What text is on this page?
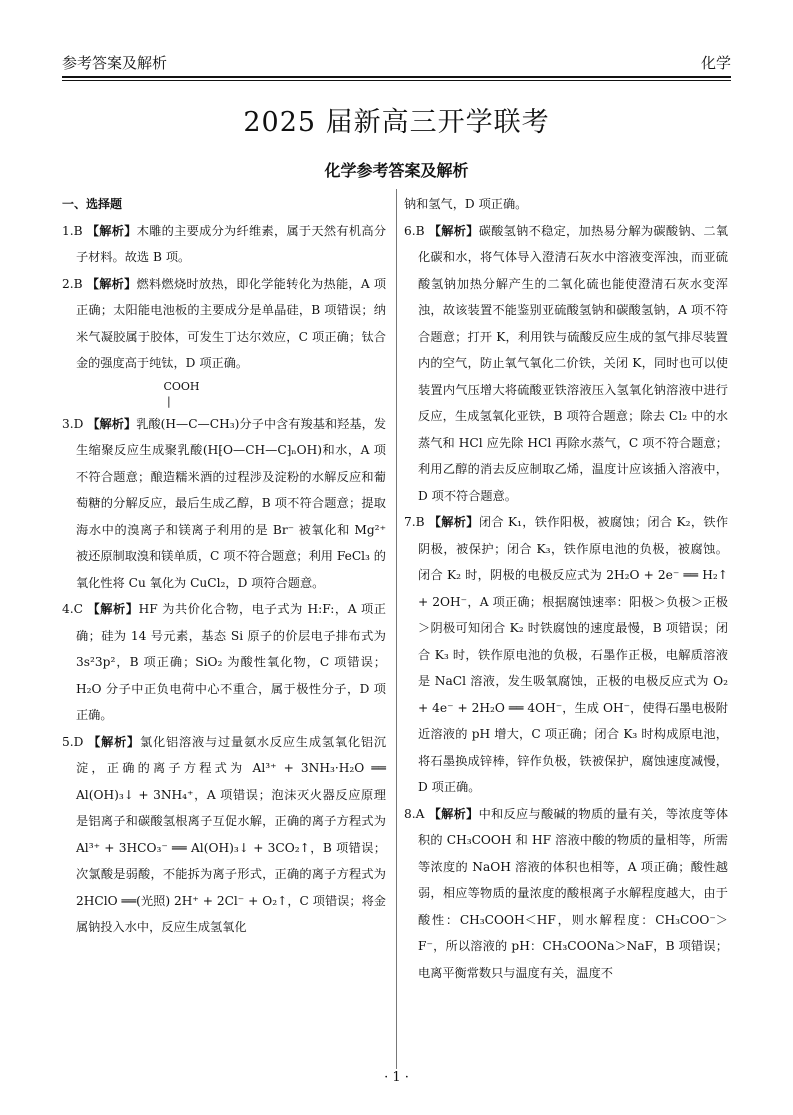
参考答案及解析	化学
2025 届新高三开学联考
化学参考答案及解析
一、选择题

1.B 【解析】木雕的主要成分为纤维素，属于天然有机高分子材料。故选 B 项。

2.B 【解析】燃料燃烧时放热，即化学能转化为热能，A 项正确；太阳能电池板的主要成分是单晶硅，B 项错误；纳米气凝胶属于胶体，可发生丁达尔效应，C 项正确；钛合金的强度高于纯钛，D 项正确。

COOH
|

3.D 【解析】乳酸(H—C—CH₃)分子中含有羧基和羟基，发生缩聚反应生成聚乳酸(H⁅O—CH—C⁆ₙOH)和水，A 项不符合题意；酿造糯米酒的过程涉及淀粉的水解反应和葡萄糖的分解反应，最后生成乙醇，B 项不符合题意；提取海水中的溴离子和镁离子利用的是 Br⁻ 被氧化和 Mg²⁺ 被还原制取溴和镁单质，C 项不符合题意；利用 FeCl₃ 的氧化性将 Cu 氧化为 CuCl₂，D 项符合题意。

4.C 【解析】HF 为共价化合物，电子式为 H:F:，A 项正确；硅为 14 号元素，基态 Si 原子的价层电子排布式为 3s²3p²，B 项正确；SiO₂ 为酸性氧化物，C 项错误；H₂O 分子中正负电荷中心不重合，属于极性分子，D 项正确。

5.D 【解析】氯化铝溶液与过量氨水反应生成氢氧化铝沉淀，正确的离子方程式为 Al³⁺ + 3NH₃·H₂O ══ Al(OH)₃↓ + 3NH₄⁺，A 项错误；泡沫灭火器反应原理是铝离子和碳酸氢根离子互促水解，正确的离子方程式为 Al³⁺ + 3HCO₃⁻ ══ Al(OH)₃↓ + 3CO₂↑，B 项错误；次氯酸是弱酸，不能拆为离子形式，正确的离子方程式为 2HClO ══(光照) 2H⁺ + 2Cl⁻ + O₂↑，C 项错误；将金属钠投入水中，反应生成氢氧化

钠和氢气，D 项正确。

6.B 【解析】碳酸氢钠不稳定，加热易分解为碳酸钠、二氧化碳和水，将气体导入澄清石灰水中溶液变浑浊，而亚硫酸氢钠加热分解产生的二氧化硫也能使澄清石灰水变浑浊，故该装置不能鉴别亚硫酸氢钠和碳酸氢钠，A 项不符合题意；打开 K，利用铁与硫酸反应生成的氢气排尽装置内的空气，防止氧气氧化二价铁，关闭 K，同时也可以使装置内气压增大将硫酸亚铁溶液压入氢氧化钠溶液中进行反应，生成氢氧化亚铁，B 项符合题意；除去 Cl₂ 中的水蒸气和 HCl 应先除 HCl 再除水蒸气，C 项不符合题意；利用乙醇的消去反应制取乙烯，温度计应该插入溶液中，D 项不符合题意。

7.B 【解析】闭合 K₁，铁作阳极，被腐蚀；闭合 K₂，铁作阴极，被保护；闭合 K₃，铁作原电池的负极，被腐蚀。闭合 K₂ 时，阴极的电极反应式为 2H₂O + 2e⁻ ══ H₂↑ + 2OH⁻，A 项正确；根据腐蚀速率：阳极＞负极＞正极＞阴极可知闭合 K₂ 时铁腐蚀的速度最慢，B 项错误；闭合 K₃ 时，铁作原电池的负极，石墨作正极，电解质溶液是 NaCl 溶液，发生吸氧腐蚀，正极的电极反应式为 O₂ + 4e⁻ + 2H₂O ══ 4OH⁻，生成 OH⁻，使得石墨电极附近溶液的 pH 增大，C 项正确；闭合 K₃ 时构成原电池，将石墨换成锌棒，锌作负极，铁被保护，腐蚀速度减慢，D 项正确。

8.A 【解析】中和反应与酸碱的物质的量有关，等浓度等体积的 CH₃COOH 和 HF 溶液中酸的物质的量相等，所需等浓度的 NaOH 溶液的体积也相等，A 项正确；酸性越弱，相应等物质的量浓度的酸根离子水解程度越大，由于酸性：CH₃COOH＜HF，则水解程度：CH₃COO⁻＞F⁻，所以溶液的 pH：CH₃COONa＞NaF，B 项错误；电离平衡常数只与温度有关，温度不

· 1 ·
